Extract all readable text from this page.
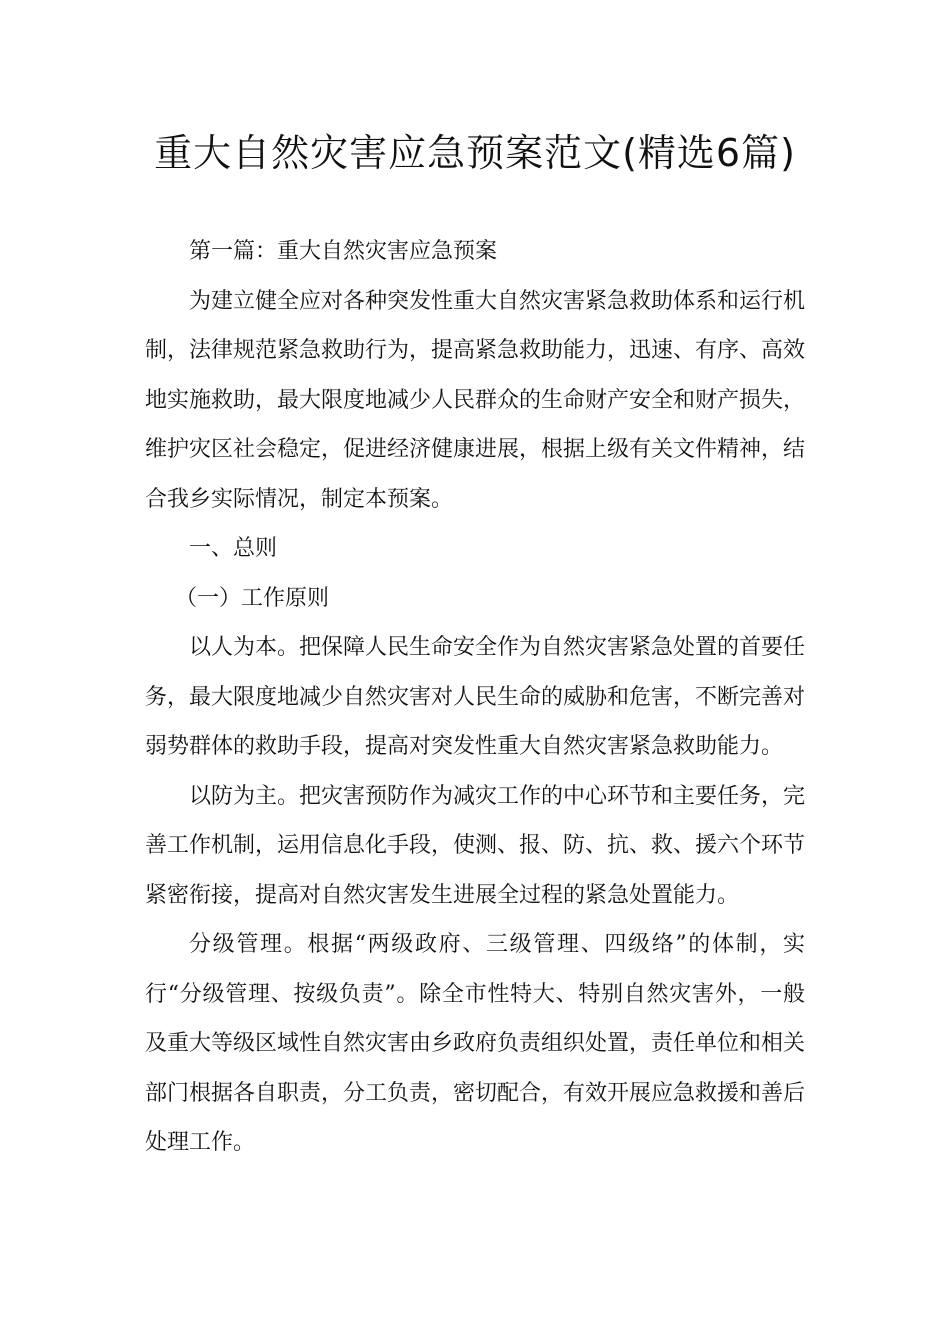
重大自然灾害应急预案范文(精选6篇)

第一篇：重大自然灾害应急预案

为建立健全应对各种突发性重大自然灾害紧急救助体系和运行机制，法律规范紧急救助行为，提高紧急救助能力，迅速、有序、高效地实施救助，最大限度地减少人民群众的生命财产安全和财产损失，维护灾区社会稳定，促进经济健康进展，根据上级有关文件精神，结合我乡实际情况，制定本预案。

一、总则

（一）工作原则

以人为本。把保障人民生命安全作为自然灾害紧急处置的首要任务，最大限度地减少自然灾害对人民生命的威胁和危害，不断完善对弱势群体的救助手段，提高对突发性重大自然灾害紧急救助能力。

以防为主。把灾害预防作为减灾工作的中心环节和主要任务，完善工作机制，运用信息化手段，使测、报、防、抗、救、援六个环节紧密衔接，提高对自然灾害发生进展全过程的紧急处置能力。

分级管理。根据“两级政府、三级管理、四级络”的体制，实行“分级管理、按级负责”。除全市性特大、特别自然灾害外，一般及重大等级区域性自然灾害由乡政府负责组织处置，责任单位和相关部门根据各自职责，分工负责，密切配合，有效开展应急救援和善后处理工作。
